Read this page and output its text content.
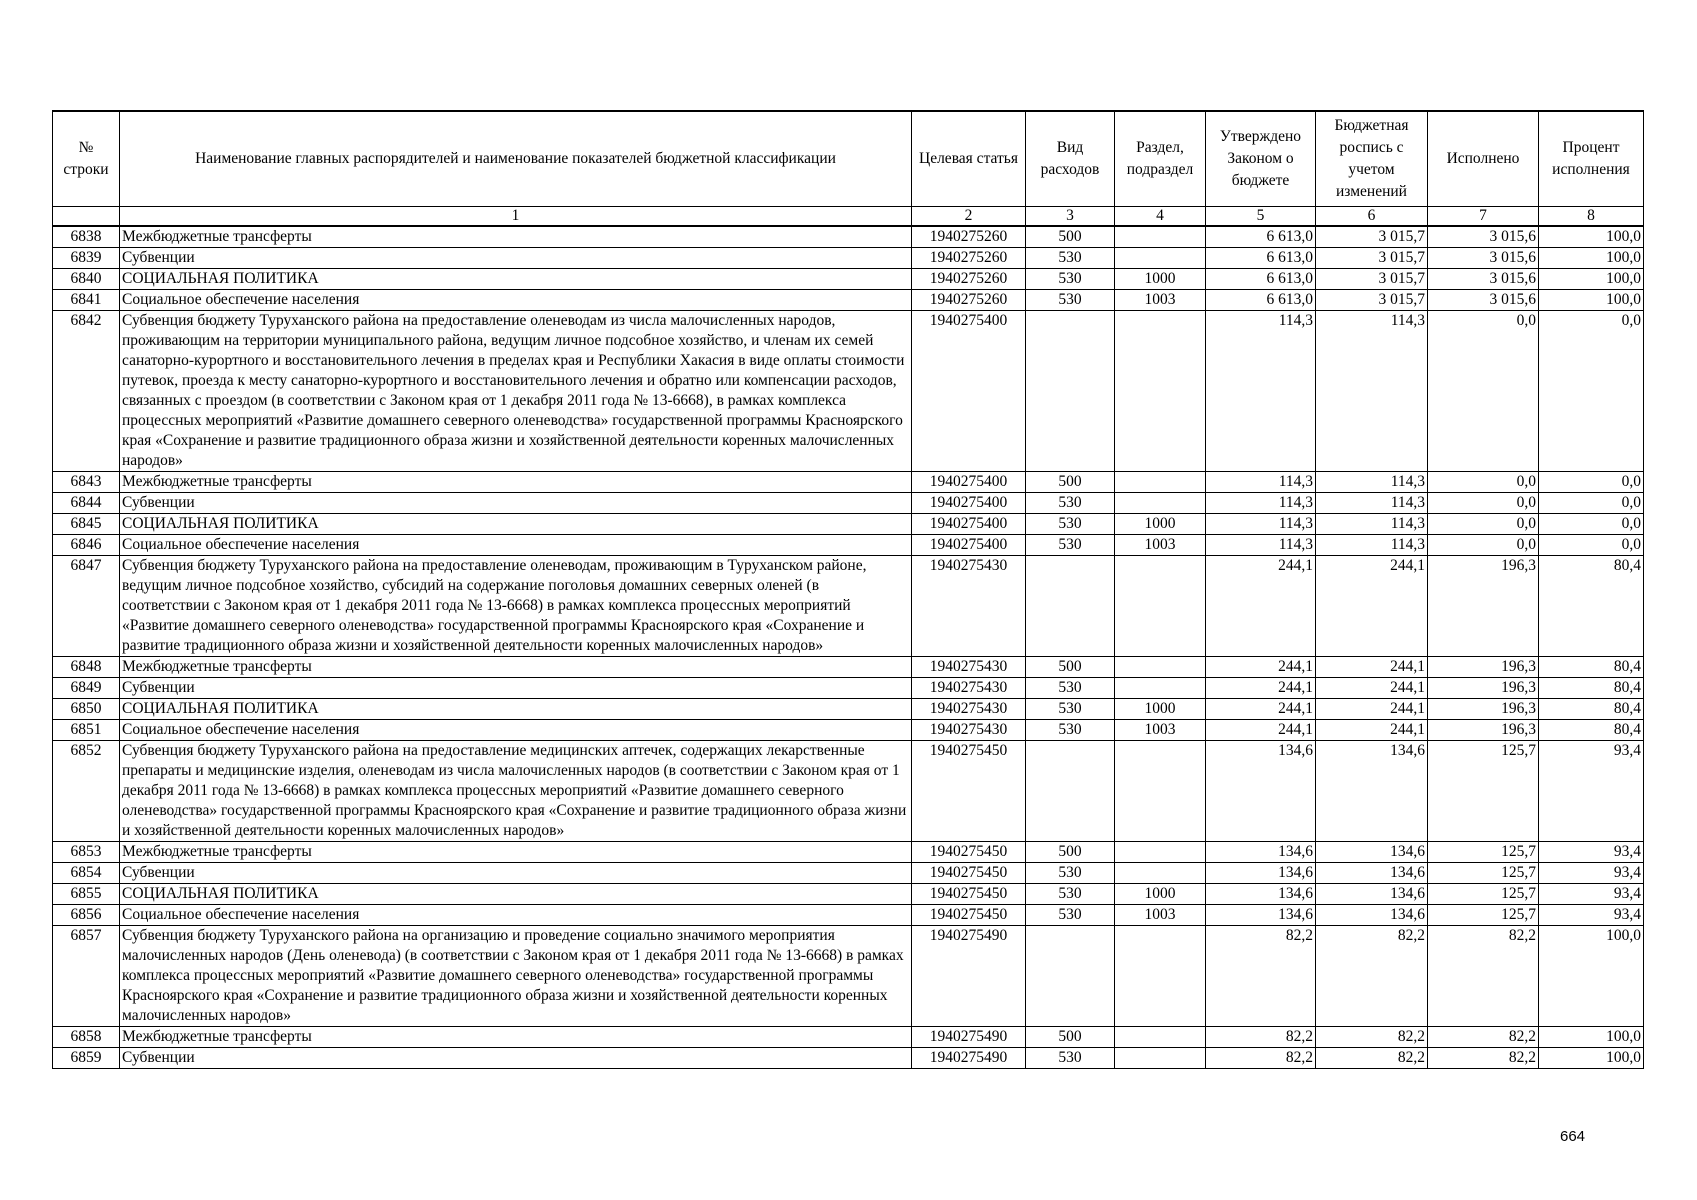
№ строки	Наименование главных распорядителей и наименование показателей бюджетной классификации	Целевая статья	Вид расходов	Раздел, подраздел	Утверждено Законом о бюджете	Бюджетная роспись с учетом изменений	Исполнено	Процент исполнения
	1	2	3	4	5	6	7	8
6838	Межбюджетные трансферты	1940275260	500		6 613,0	3 015,7	3 015,6	100,0
6839	Субвенции	1940275260	530		6 613,0	3 015,7	3 015,6	100,0
6840	СОЦИАЛЬНАЯ ПОЛИТИКА	1940275260	530	1000	6 613,0	3 015,7	3 015,6	100,0
6841	Социальное обеспечение населения	1940275260	530	1003	6 613,0	3 015,7	3 015,6	100,0
6842	Субвенция бюджету Туруханского района на предоставление оленеводам из числа малочисленных народов, проживающим на территории муниципального района, ведущим личное подсобное хозяйство, и членам их семей санаторно-курортного и восстановительного лечения в пределах края и Республики Хакасия в виде оплаты стоимости путевок, проезда к месту санаторно-курортного и восстановительного лечения и обратно или компенсации расходов, связанных с проездом (в соответствии с Законом края от 1 декабря 2011 года № 13-6668), в рамках комплекса процессных мероприятий «Развитие домашнего северного оленеводства» государственной программы Красноярского края «Сохранение и развитие традиционного образа жизни и хозяйственной деятельности коренных малочисленных народов»	1940275400			114,3	114,3	0,0	0,0
6843	Межбюджетные трансферты	1940275400	500		114,3	114,3	0,0	0,0
6844	Субвенции	1940275400	530		114,3	114,3	0,0	0,0
6845	СОЦИАЛЬНАЯ ПОЛИТИКА	1940275400	530	1000	114,3	114,3	0,0	0,0
6846	Социальное обеспечение населения	1940275400	530	1003	114,3	114,3	0,0	0,0
6847	Субвенция бюджету Туруханского района на предоставление оленеводам, проживающим в Туруханском районе, ведущим личное подсобное хозяйство, субсидий на содержание поголовья домашних северных оленей (в соответствии с Законом края от 1 декабря 2011 года № 13-6668) в рамках комплекса процессных мероприятий «Развитие домашнего северного оленеводства» государственной программы Красноярского края «Сохранение и развитие традиционного образа жизни и хозяйственной деятельности коренных малочисленных народов»	1940275430			244,1	244,1	196,3	80,4
6848	Межбюджетные трансферты	1940275430	500		244,1	244,1	196,3	80,4
6849	Субвенции	1940275430	530		244,1	244,1	196,3	80,4
6850	СОЦИАЛЬНАЯ ПОЛИТИКА	1940275430	530	1000	244,1	244,1	196,3	80,4
6851	Социальное обеспечение населения	1940275430	530	1003	244,1	244,1	196,3	80,4
6852	Субвенция бюджету Туруханского района на предоставление медицинских аптечек, содержащих лекарственные препараты и медицинские изделия, оленеводам из числа малочисленных народов (в соответствии с Законом края от 1 декабря 2011 года № 13-6668) в рамках комплекса процессных мероприятий «Развитие домашнего северного оленеводства» государственной программы Красноярского края «Сохранение и развитие традиционного образа жизни и хозяйственной деятельности коренных малочисленных народов»	1940275450			134,6	134,6	125,7	93,4
6853	Межбюджетные трансферты	1940275450	500		134,6	134,6	125,7	93,4
6854	Субвенции	1940275450	530		134,6	134,6	125,7	93,4
6855	СОЦИАЛЬНАЯ ПОЛИТИКА	1940275450	530	1000	134,6	134,6	125,7	93,4
6856	Социальное обеспечение населения	1940275450	530	1003	134,6	134,6	125,7	93,4
6857	Субвенция бюджету Туруханского района на организацию и проведение социально значимого мероприятия малочисленных народов (День оленевода) (в соответствии с Законом края от 1 декабря 2011 года № 13-6668) в рамках комплекса процессных мероприятий «Развитие домашнего северного оленеводства» государственной программы Красноярского края «Сохранение и развитие традиционного образа жизни и хозяйственной деятельности коренных малочисленных народов»	1940275490			82,2	82,2	82,2	100,0
6858	Межбюджетные трансферты	1940275490	500		82,2	82,2	82,2	100,0
6859	Субвенции	1940275490	530		82,2	82,2	82,2	100,0
664
